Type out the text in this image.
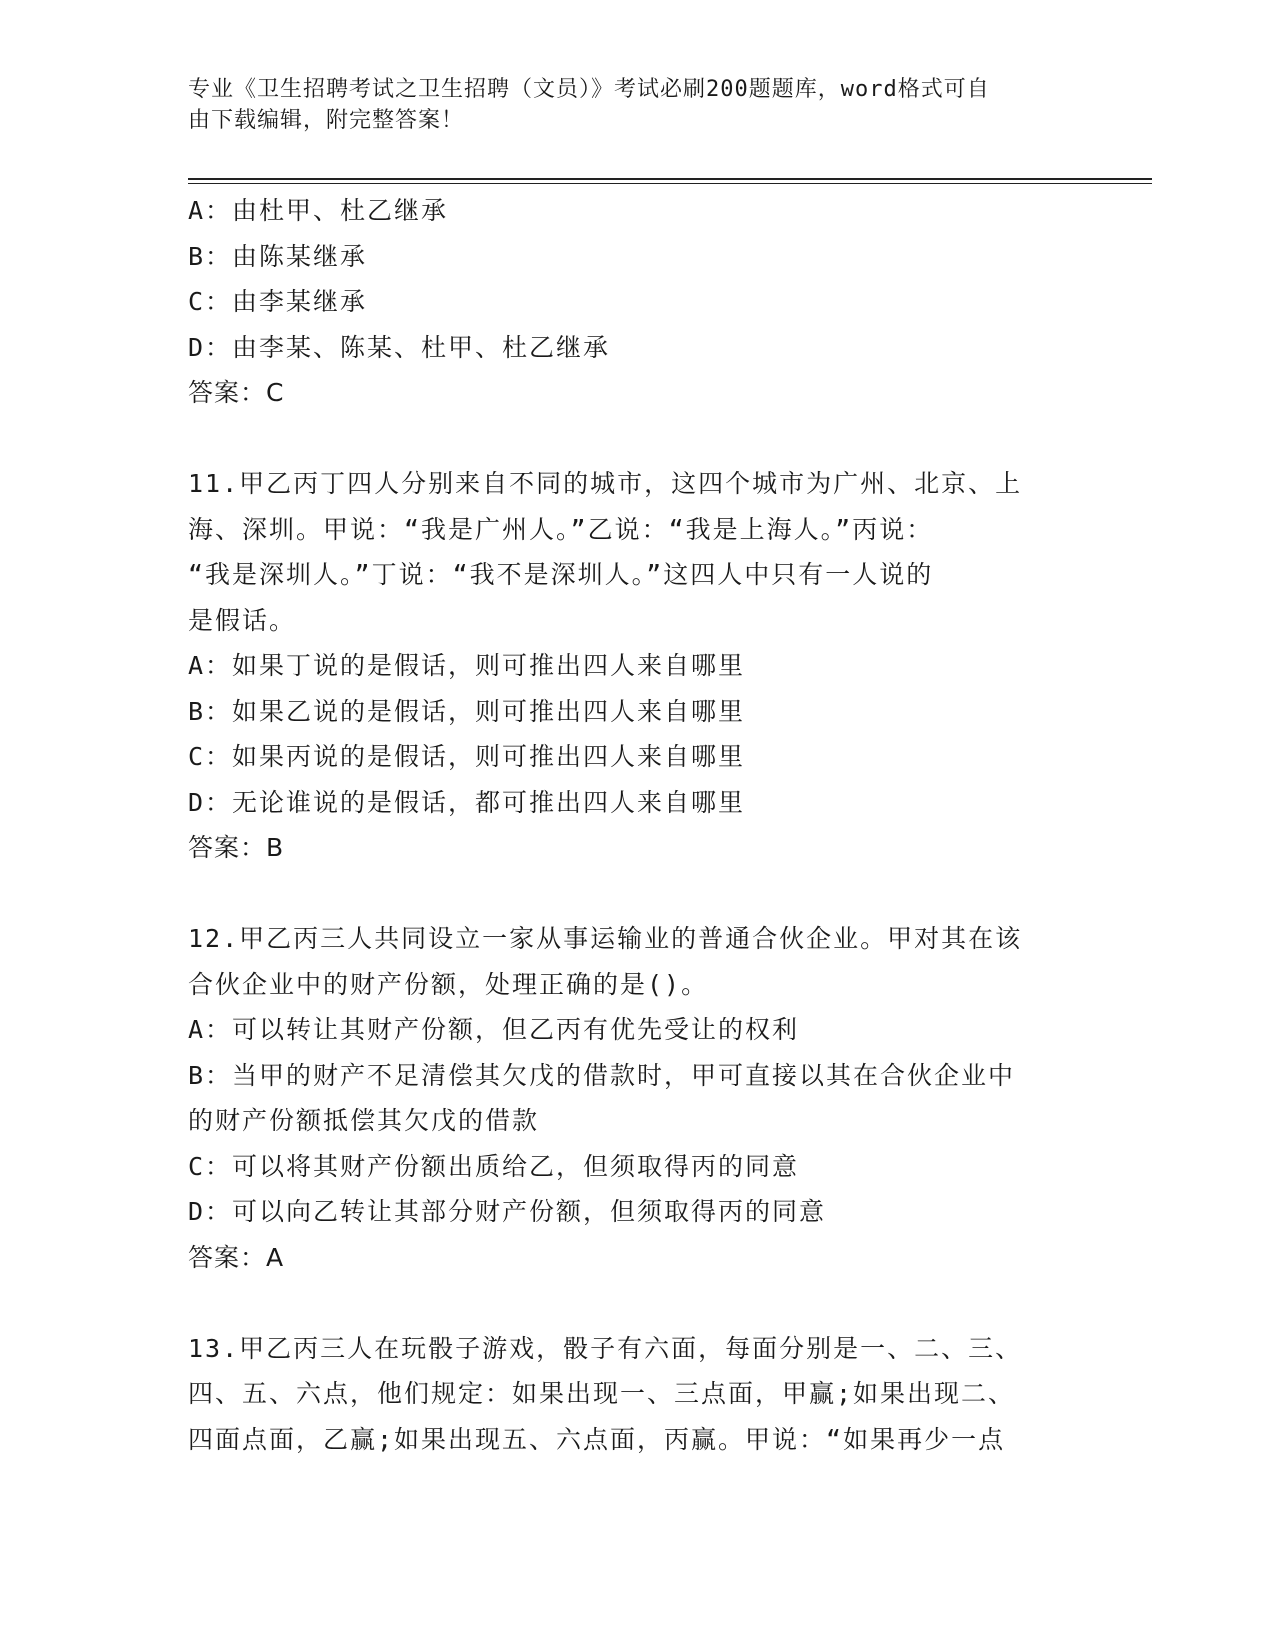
专业《卫生招聘考试之卫生招聘（文员）》考试必刷200题题库，word格式可自
由下载编辑，附完整答案！
A：由杜甲、杜乙继承
B：由陈某继承
C：由李某继承
D：由李某、陈某、杜甲、杜乙继承
答案：C
11.甲乙丙丁四人分别来自不同的城市，这四个城市为广州、北京、上
海、深圳。甲说：“我是广州人。”乙说：“我是上海人。”丙说：
“我是深圳人。”丁说：“我不是深圳人。”这四人中只有一人说的
是假话。
A：如果丁说的是假话，则可推出四人来自哪里
B：如果乙说的是假话，则可推出四人来自哪里
C：如果丙说的是假话，则可推出四人来自哪里
D：无论谁说的是假话，都可推出四人来自哪里
答案：B
12.甲乙丙三人共同设立一家从事运输业的普通合伙企业。甲对其在该
合伙企业中的财产份额，处理正确的是()。
A：可以转让其财产份额，但乙丙有优先受让的权利
B：当甲的财产不足清偿其欠戊的借款时，甲可直接以其在合伙企业中
的财产份额抵偿其欠戊的借款
C：可以将其财产份额出质给乙，但须取得丙的同意
D：可以向乙转让其部分财产份额，但须取得丙的同意
答案：A
13.甲乙丙三人在玩骰子游戏，骰子有六面，每面分别是一、二、三、
四、五、六点，他们规定：如果出现一、三点面，甲赢;如果出现二、
四面点面，乙赢;如果出现五、六点面，丙赢。甲说：“如果再少一点
